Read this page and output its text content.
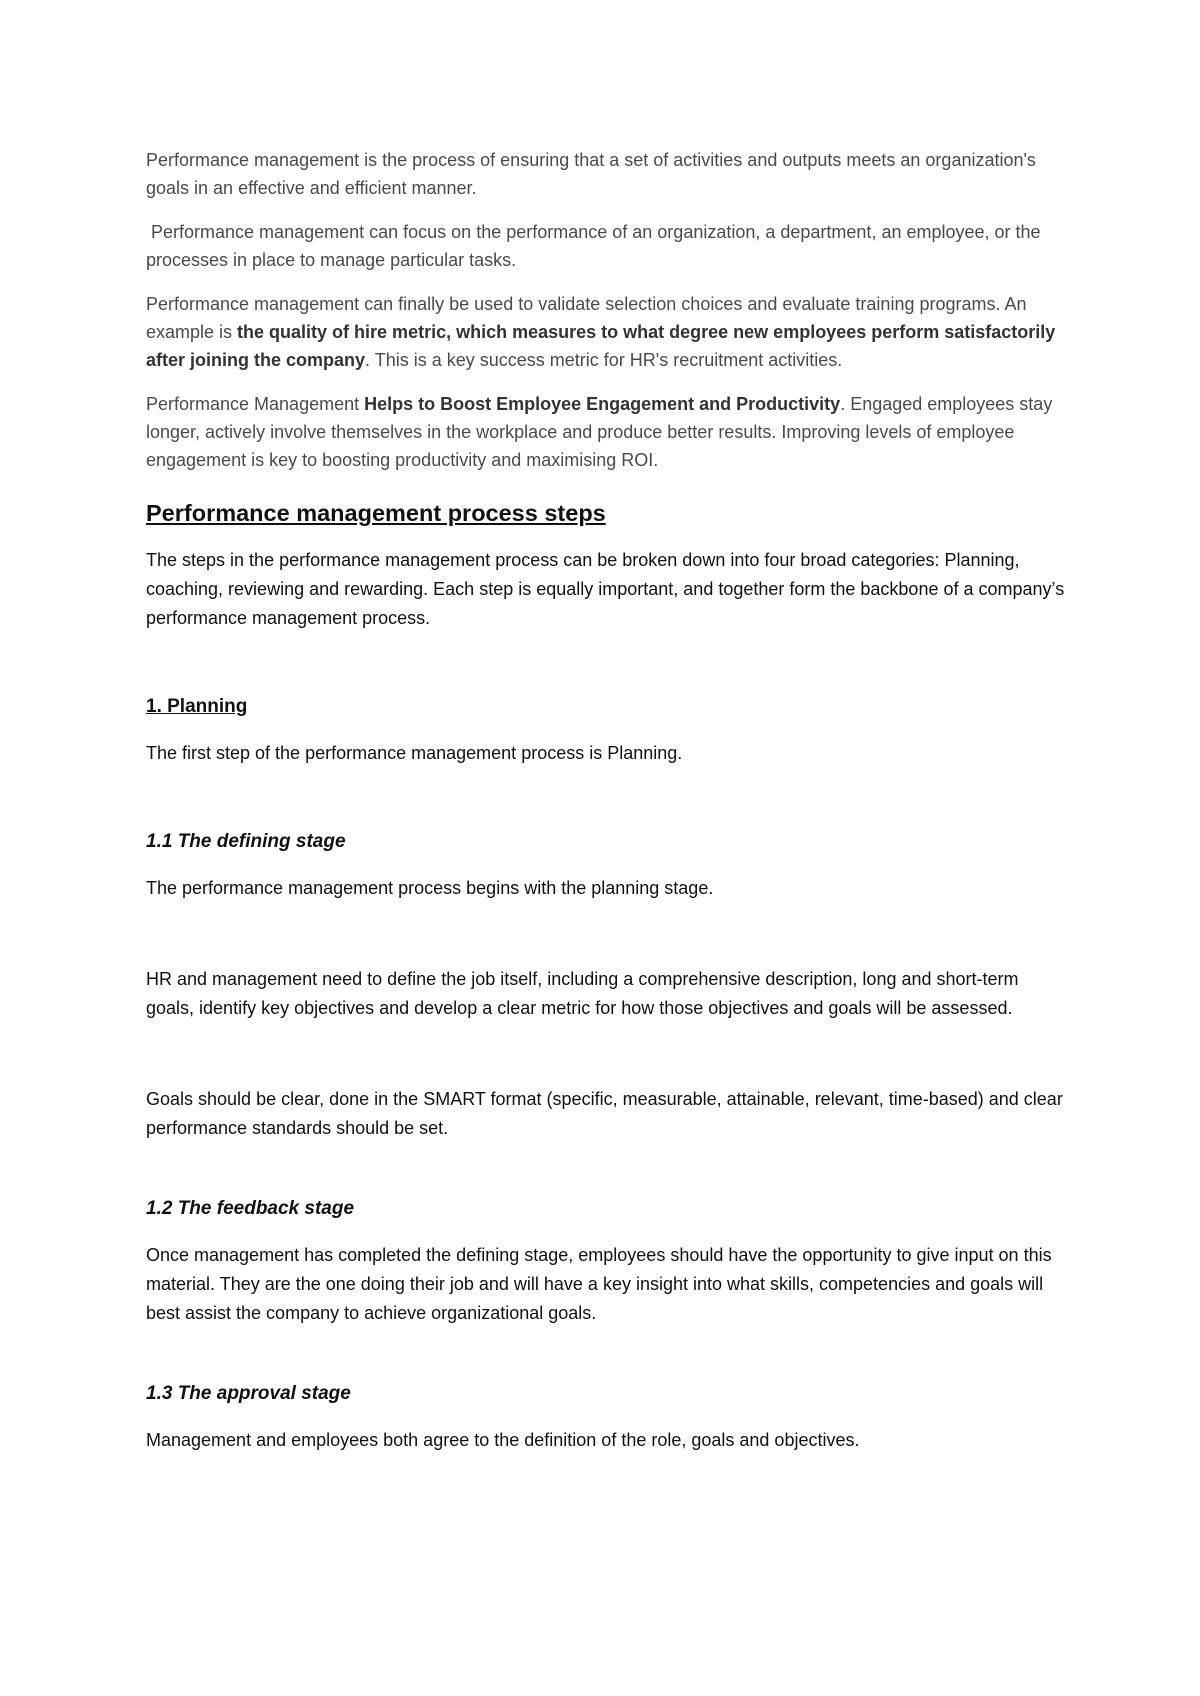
Performance management is the process of ensuring that a set of activities and outputs meets an organization's goals in an effective and efficient manner.

Performance management can focus on the performance of an organization, a department, an employee, or the processes in place to manage particular tasks.

Performance management can finally be used to validate selection choices and evaluate training programs. An example is the quality of hire metric, which measures to what degree new employees perform satisfactorily after joining the company. This is a key success metric for HR's recruitment activities.

Performance Management Helps to Boost Employee Engagement and Productivity. Engaged employees stay longer, actively involve themselves in the workplace and produce better results. Improving levels of employee engagement is key to boosting productivity and maximising ROI.

Performance management process steps

The steps in the performance management process can be broken down into four broad categories: Planning, coaching, reviewing and rewarding. Each step is equally important, and together form the backbone of a company’s performance management process.

1. Planning

The first step of the performance management process is Planning.

1.1 The defining stage

The performance management process begins with the planning stage.

HR and management need to define the job itself, including a comprehensive description, long and short-term goals, identify key objectives and develop a clear metric for how those objectives and goals will be assessed.

Goals should be clear, done in the SMART format (specific, measurable, attainable, relevant, time-based) and clear performance standards should be set.

1.2 The feedback stage

Once management has completed the defining stage, employees should have the opportunity to give input on this material. They are the one doing their job and will have a key insight into what skills, competencies and goals will best assist the company to achieve organizational goals.

1.3 The approval stage

Management and employees both agree to the definition of the role, goals and objectives.
